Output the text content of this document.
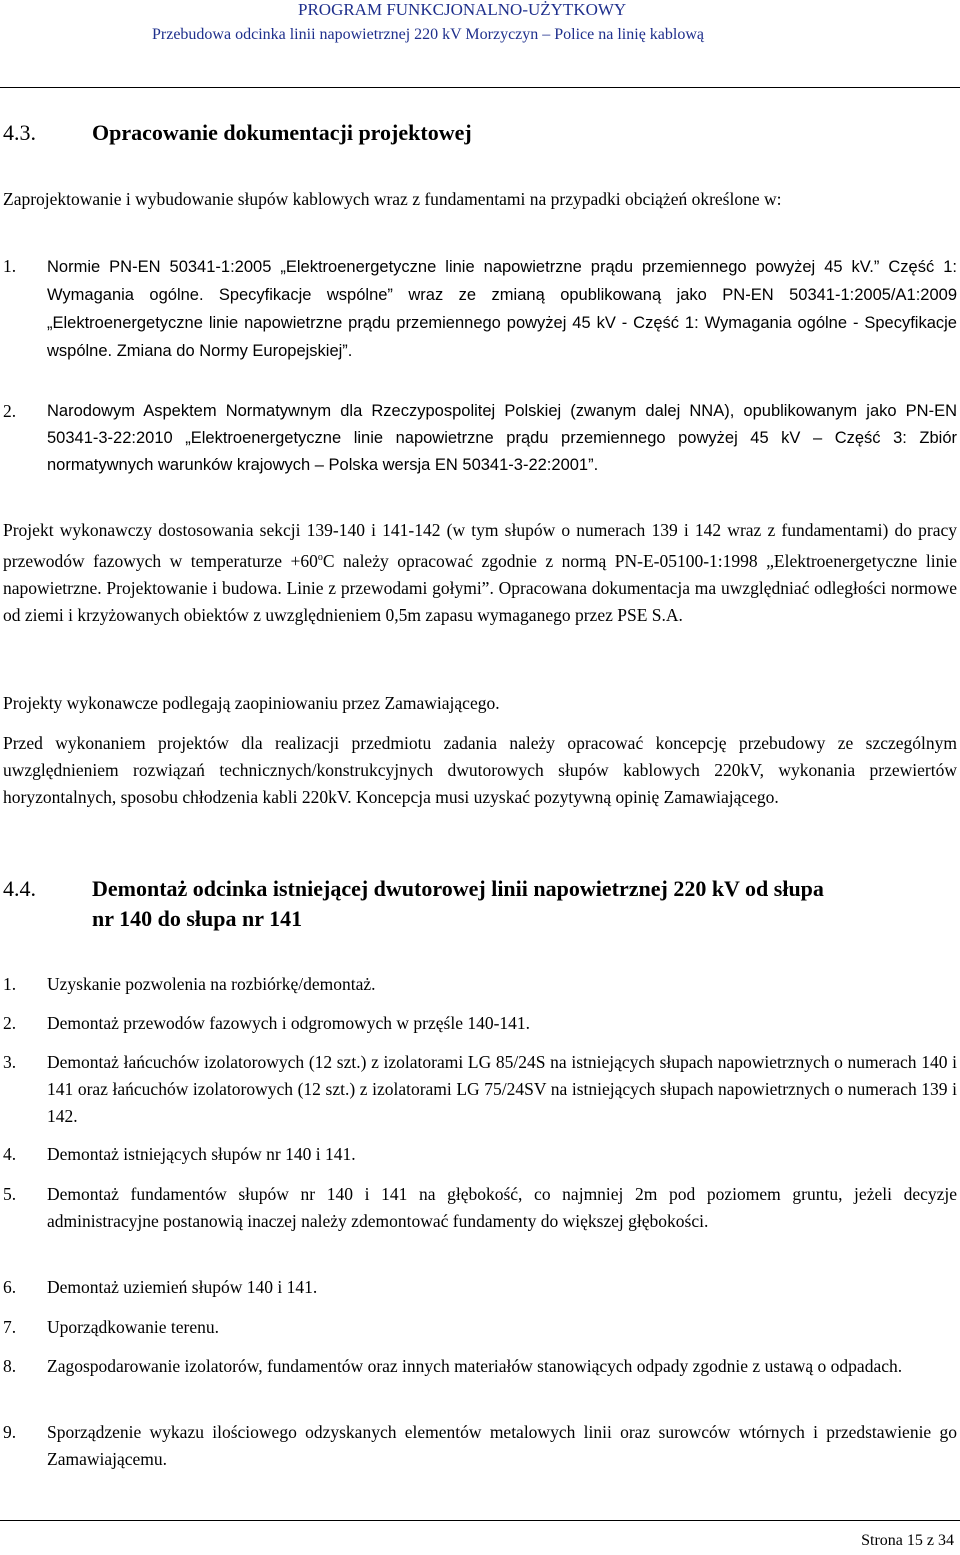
PROGRAM FUNKCJONALNO-UŻYTKOWY
Przebudowa odcinka linii napowietrznej 220 kV Morzyczyn – Police na linię kablową
4.3.	Opracowanie dokumentacji projektowej
Zaprojektowanie i wybudowanie słupów kablowych wraz z fundamentami na przypadki obciążeń określone w:
1. Normie PN-EN 50341-1:2005 „Elektroenergetyczne linie napowietrzne prądu przemiennego powyżej 45 kV.” Część 1: Wymagania ogólne. Specyfikacje wspólne” wraz ze zmianą opublikowaną jako PN-EN 50341-1:2005/A1:2009 „Elektroenergetyczne linie napowietrzne prądu przemiennego powyżej 45 kV - Część 1: Wymagania ogólne - Specyfikacje wspólne. Zmiana do Normy Europejskiej”.
2. Narodowym Aspektem Normatywnym dla Rzeczypospolitej Polskiej (zwanym dalej NNA), opublikowanym jako PN-EN 50341-3-22:2010 „Elektroenergetyczne linie napowietrzne prądu przemiennego powyżej 45 kV – Część 3: Zbiór normatywnych warunków krajowych – Polska wersja EN 50341-3-22:2001”.
Projekt wykonawczy dostosowania sekcji 139-140 i 141-142 (w tym słupów o numerach 139 i 142 wraz z fundamentami) do pracy przewodów fazowych w temperaturze $+60^oC$ należy opracować zgodnie z normą PN-E-05100-1:1998 „Elektroenergetyczne linie napowietrzne. Projektowanie i budowa. Linie z przewodami gołymi”. Opracowana dokumentacja ma uwzględniać odległości normowe od ziemi i krzyżowanych obiektów z uwzględnieniem 0,5m zapasu wymaganego przez PSE S.A.
Projekty wykonawcze podlegają zaopiniowaniu przez Zamawiającego.
Przed wykonaniem projektów dla realizacji przedmiotu zadania należy opracować koncepcję przebudowy ze szczególnym uwzględnieniem rozwiązań technicznych/konstrukcyjnych dwutorowych słupów kablowych 220kV, wykonania przewiertów horyzontalnych, sposobu chłodzenia kabli 220kV. Koncepcja musi uzyskać pozytywną opinię Zamawiającego.
4.4.	Demontaż odcinka istniejącej dwutorowej linii napowietrznej 220 kV od słupa
nr 140 do słupa nr 141
1. Uzyskanie pozwolenia na rozbiórkę/demontaż.
2. Demontaż przewodów fazowych i odgromowych w przęśle 140-141.
3. Demontaż łańcuchów izolatorowych (12 szt.) z izolatorami LG 85/24S na istniejących słupach napowietrznych o numerach 140 i 141 oraz łańcuchów izolatorowych (12 szt.) z izolatorami LG 75/24SV na istniejących słupach napowietrznych o numerach 139 i 142.
4. Demontaż istniejących słupów nr 140 i 141.
5. Demontaż fundamentów słupów nr 140 i 141 na głębokość, co najmniej 2m pod poziomem gruntu, jeżeli decyzje administracyjne postanowią inaczej należy zdemontować fundamenty do większej głębokości.
6. Demontaż uziemień słupów 140 i 141.
7. Uporządkowanie terenu.
8. Zagospodarowanie izolatorów, fundamentów oraz innych materiałów stanowiących odpady zgodnie z ustawą o odpadach.
9. Sporządzenie wykazu ilościowego odzyskanych elementów metalowych linii oraz surowców wtórnych i przedstawienie go Zamawiającemu.
Strona 15 z 34
